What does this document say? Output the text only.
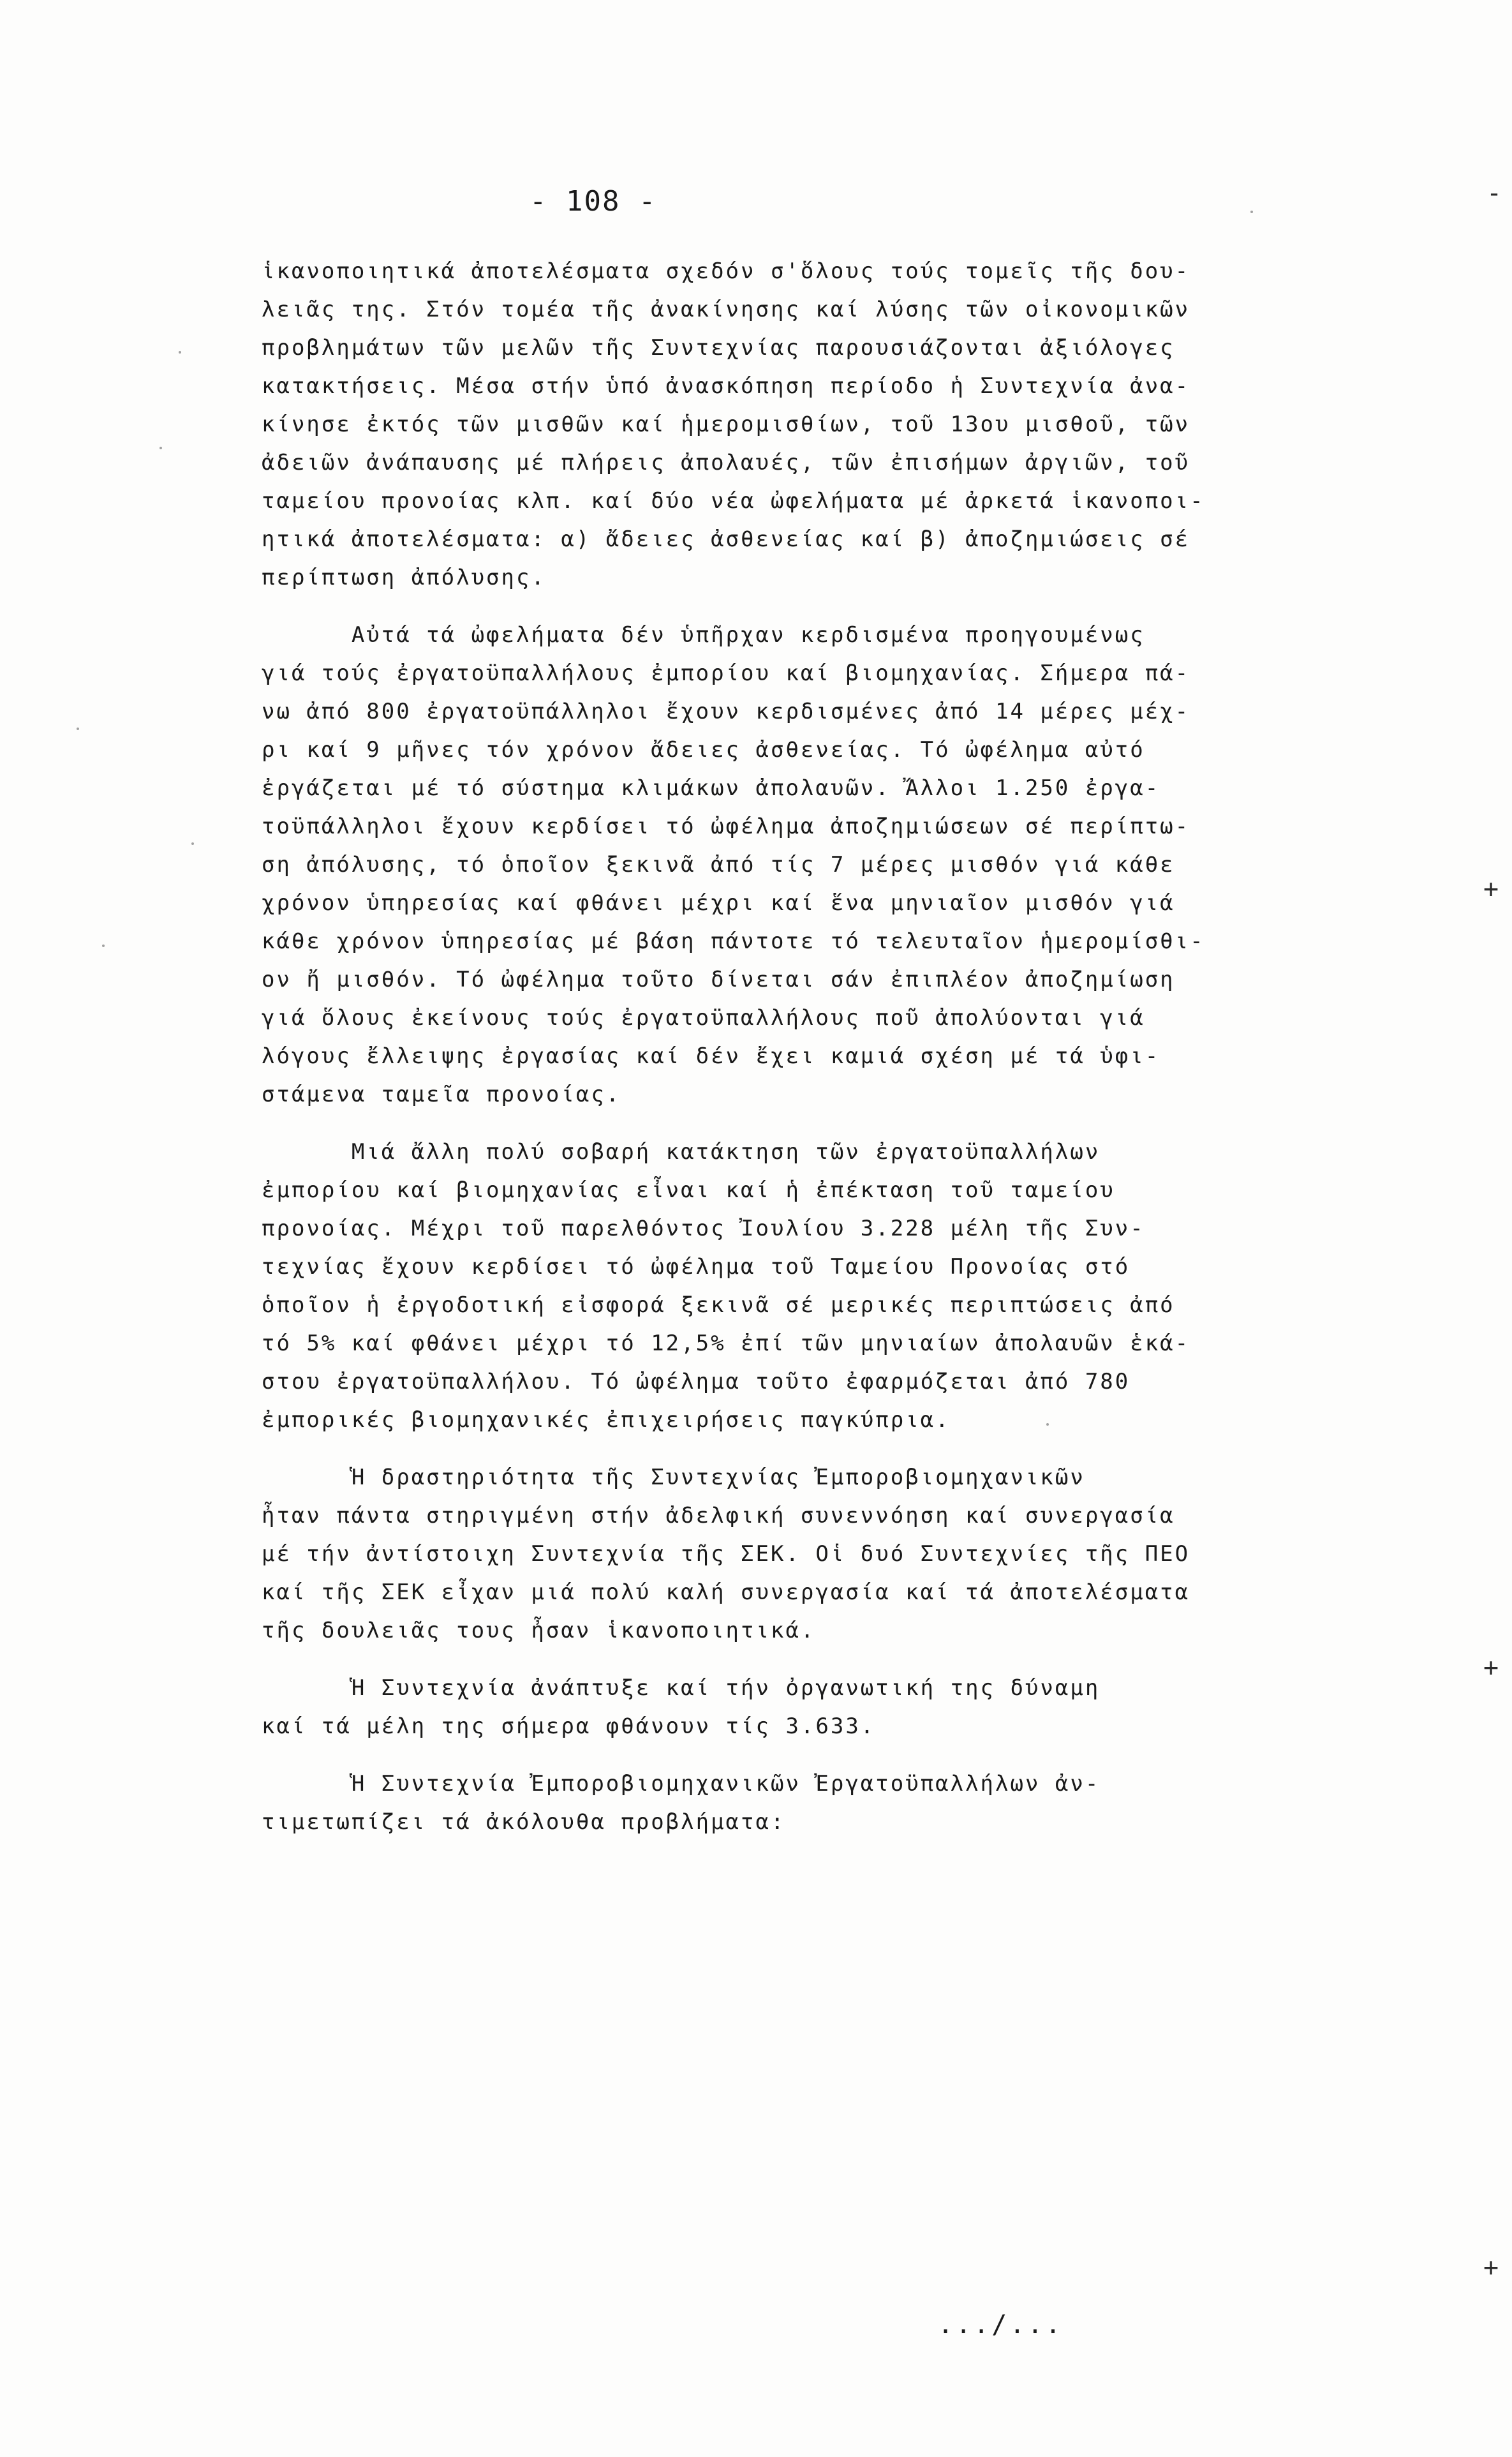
- 108 -
ἱκανοποιητικά ἀποτελέσματα σχεδόν σ'ὅλους τούς τομεῖς τῆς δου-
λειᾶς της. Στόν τομέα τῆς ἀνακίνησης καί λύσης τῶν οἰκονομικῶν
προβλημάτων τῶν μελῶν τῆς Συντεχνίας παρουσιάζονται ἀξιόλογες
κατακτήσεις. Μέσα στήν ὑπό ἀνασκόπηση περίοδο ἡ Συντεχνία ἀνα-
κίνησε ἐκτός τῶν μισθῶν καί ἡμερομισθίων, τοῦ 13ου μισθοῦ, τῶν
ἀδειῶν ἀνάπαυσης μέ πλήρεις ἀπολαυές, τῶν ἐπισήμων ἀργιῶν, τοῦ
ταμείου προνοίας κλπ. καί δύο νέα ὠφελήματα μέ ἀρκετά ἱκανοποι-
ητικά ἀποτελέσματα: α) ἄδειες ἀσθενείας καί β) ἀποζημιώσεις σέ
περίπτωση ἀπόλυσης.
Αὐτά τά ὠφελήματα δέν ὑπῆρχαν κερδισμένα προηγουμένως
γιά τούς ἐργατοϋπαλλήλους ἐμπορίου καί βιομηχανίας. Σήμερα πά-
νω ἀπό 800 ἐργατοϋπάλληλοι ἔχουν κερδισμένες ἀπό 14 μέρες μέχ-
ρι καί 9 μῆνες τόν χρόνον ἄδειες ἀσθενείας. Τό ὠφέλημα αὐτό
ἐργάζεται μέ τό σύστημα κλιμάκων ἀπολαυῶν. Ἄλλοι 1.250 ἐργα-
τοϋπάλληλοι ἔχουν κερδίσει τό ὠφέλημα ἀποζημιώσεων σέ περίπτω-
ση ἀπόλυσης, τό ὁποῖον ξεκινᾶ ἀπό τίς 7 μέρες μισθόν γιά κάθε
χρόνον ὑπηρεσίας καί φθάνει μέχρι καί ἕνα μηνιαῖον μισθόν γιά
κάθε χρόνον ὑπηρεσίας μέ βάση πάντοτε τό τελευταῖον ἡμερομίσθι-
ον ἤ μισθόν. Τό ὠφέλημα τοῦτο δίνεται σάν ἐπιπλέον ἀποζημίωση
γιά ὅλους ἐκείνους τούς ἐργατοϋπαλλήλους ποῦ ἀπολύονται γιά
λόγους ἔλλειψης ἐργασίας καί δέν ἔχει καμιά σχέση μέ τά ὑφι-
στάμενα ταμεῖα προνοίας.
Μιά ἄλλη πολύ σοβαρή κατάκτηση τῶν ἐργατοϋπαλλήλων
ἐμπορίου καί βιομηχανίας εἶναι καί ἡ ἐπέκταση τοῦ ταμείου
προνοίας. Μέχρι τοῦ παρελθόντος Ἰουλίου 3.228 μέλη τῆς Συν-
τεχνίας ἔχουν κερδίσει τό ὠφέλημα τοῦ Ταμείου Προνοίας στό
ὁποῖον ἡ ἐργοδοτική εἰσφορά ξεκινᾶ σέ μερικές περιπτώσεις ἀπό
τό 5% καί φθάνει μέχρι τό 12,5% ἐπί τῶν μηνιαίων ἀπολαυῶν ἑκά-
στου ἐργατοϋπαλλήλου. Τό ὠφέλημα τοῦτο ἐφαρμόζεται ἀπό 780
ἐμπορικές βιομηχανικές ἐπιχειρήσεις παγκύπρια.
Ἡ δραστηριότητα τῆς Συντεχνίας Ἐμποροβιομηχανικῶν
ἦταν πάντα στηριγμένη στήν ἀδελφική συνεννόηση καί συνεργασία
μέ τήν ἀντίστοιχη Συντεχνία τῆς ΣΕΚ. Οἱ δυό Συντεχνίες τῆς ΠΕΟ
καί τῆς ΣΕΚ εἶχαν μιά πολύ καλή συνεργασία καί τά ἀποτελέσματα
τῆς δουλειᾶς τους ἦσαν ἱκανοποιητικά.
Ἡ Συντεχνία ἀνάπτυξε καί τήν ὀργανωτική της δύναμη
καί τά μέλη της σήμερα φθάνουν τίς 3.633.
Ἡ Συντεχνία Ἐμποροβιομηχανικῶν Ἐργατοϋπαλλήλων ἀν-
τιμετωπίζει τά ἀκόλουθα προβλήματα:
.../...
‐
+
+
+
